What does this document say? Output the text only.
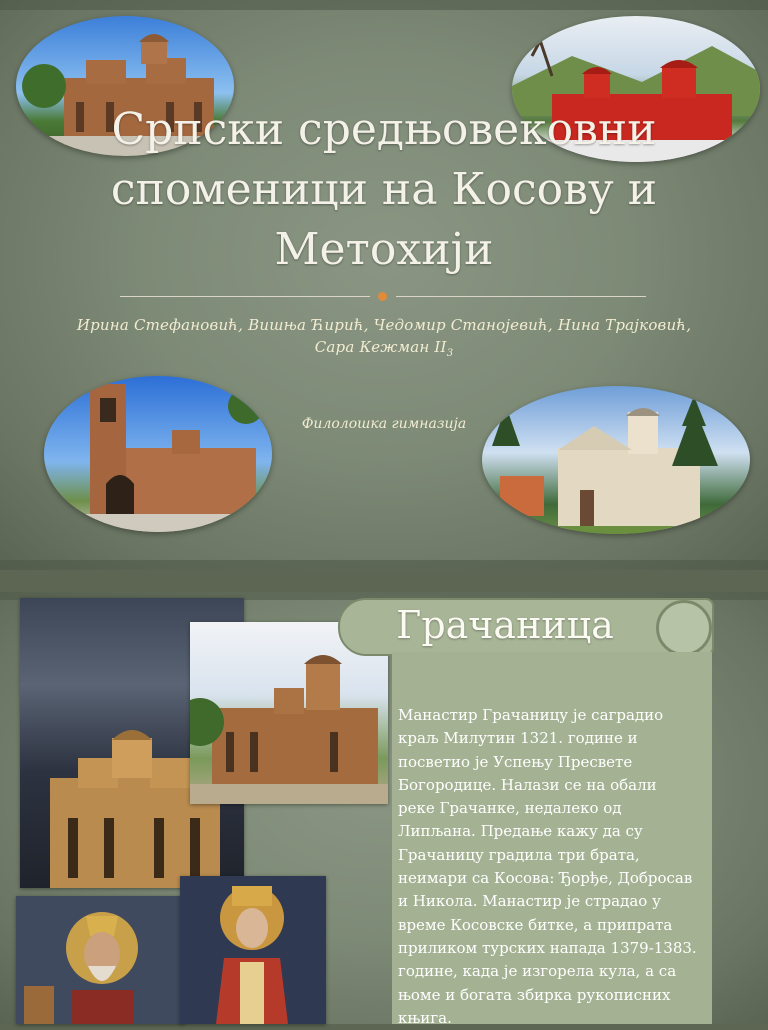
Српски средњовековни споменици на Косову и Метохији
Ирина Стефановић, Вишња Ћирић, Чедомир Станојевић, Нина Трајковић, Сара Кежман $II_3$
Филолошка гимназија
Грачаница
Манастир Грачаницу је саградио краљ Милутин 1321. године и посветио је Успењу Пресвете Богородице. Налази се на обали реке Грачанке, недалеко од Липљана. Предање кажу да су Грачаницу градила три брата, неимари са Косова: Ђорђе, Добросав и Никола. Манастир је страдао у време Косовске битке, а припрата приликом турских напада 1379-1383. године, када је изгорела кула, а са њоме и богата збирка рукописних књига.
